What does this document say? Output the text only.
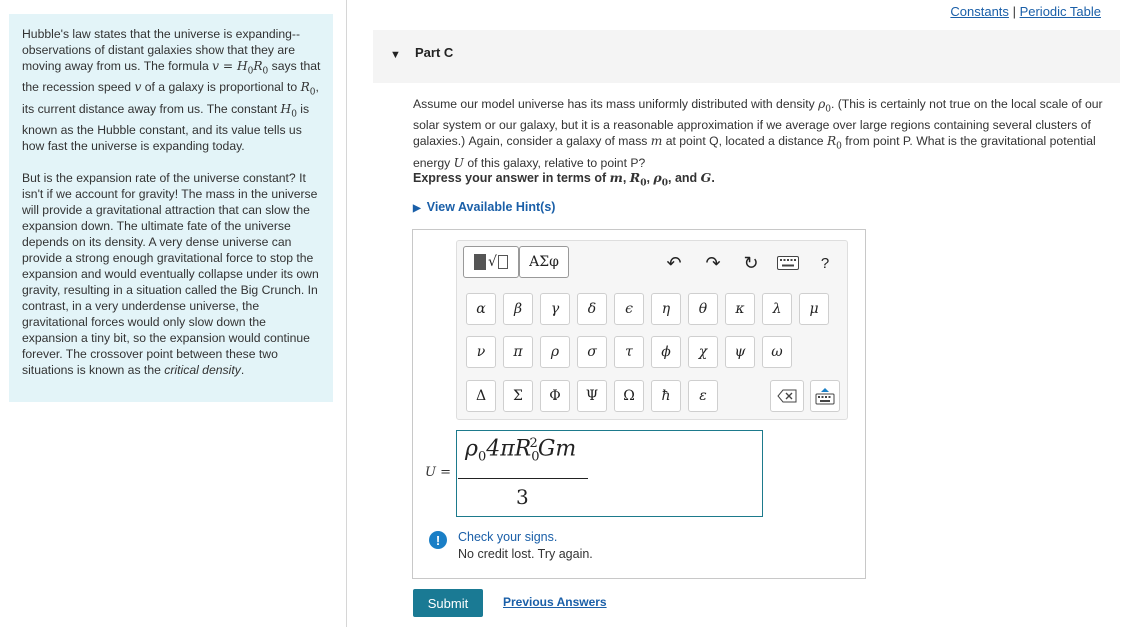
Hubble's law states that the universe is expanding--observations of distant galaxies show that they are moving away from us. The formula $v = H_0R_0$ says that the recession speed v of a galaxy is proportional to $R_0$, its current distance away from us. The constant $H_0$ is known as the Hubble constant, and its value tells us how fast the universe is expanding today.

But is the expansion rate of the universe constant? It isn't if we account for gravity! The mass in the universe will provide a gravitational attraction that can slow the expansion down. The ultimate fate of the universe depends on its density. A very dense universe can provide a strong enough gravitational force to stop the expansion and would eventually collapse under its own gravity, resulting in a situation called the Big Crunch. In contrast, in a very underdense universe, the gravitational forces would only slow down the expansion a tiny bit, so the expansion would continue forever. The crossover point between these two situations is known as the critical density.

Constants | Periodic Table
▼ Part C
Assume our model universe has its mass uniformly distributed with density $\rho_0$. (This is certainly not true on the local scale of our solar system or our galaxy, but it is a reasonable approximation if we average over large regions containing several clusters of galaxies.) Again, consider a galaxy of mass m at point Q, located a distance $R_0$ from point P. What is the gravitational potential energy U of this galaxy, relative to point P?
Express your answer in terms of m, $R_0$, $\rho_0$, and G.
▶ View Available Hint(s)
√	ΑΣφ	↶ ↷ ↻	?
U =
$\rho_04\pi R_0^2Gm$
3
!	Check your signs.
No credit lost. Try again.
Submit	Previous Answers
α	β	γ	δ	ϵ	η	θ	κ	λ	μ
ν	π	ρ	σ	τ	ϕ	χ	ψ	ω
Δ	Σ	Φ	Ψ	Ω	ħ	ε
